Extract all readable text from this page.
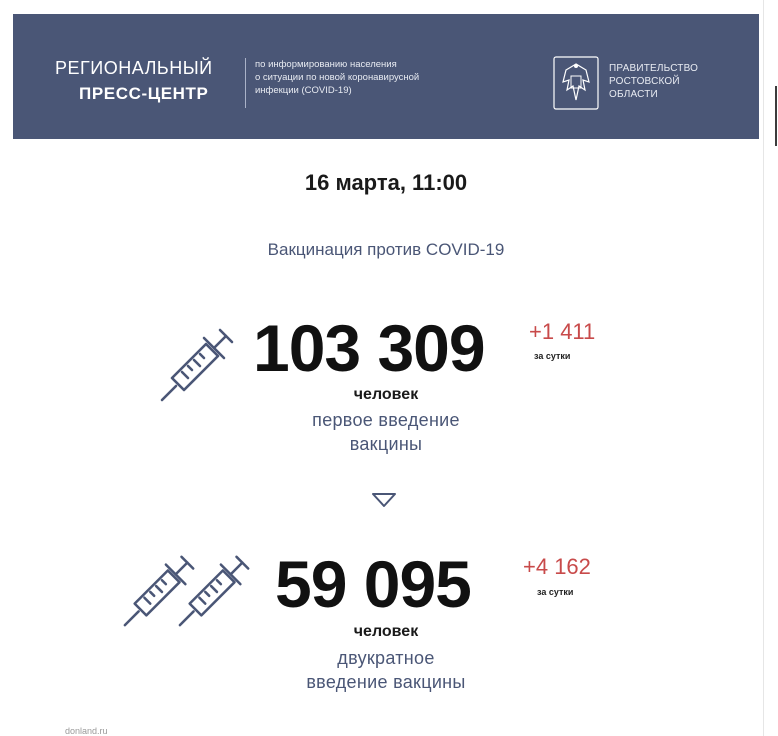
РЕГИОНАЛЬНЫЙ
ПРЕСС-ЦЕНТР
по информированию населения
о ситуации по новой коронавирусной
инфекции (COVID-19)
ПРАВИТЕЛЬСТВО
РОСТОВСКОЙ
ОБЛАСТИ
16 марта, 11:00
Вакцинация против COVID-19
103 309 +1 411
за сутки
человек
первое введение
вакцины
59 095 +4 162
за сутки
человек
двукратное
введение вакцины
donland.ru
